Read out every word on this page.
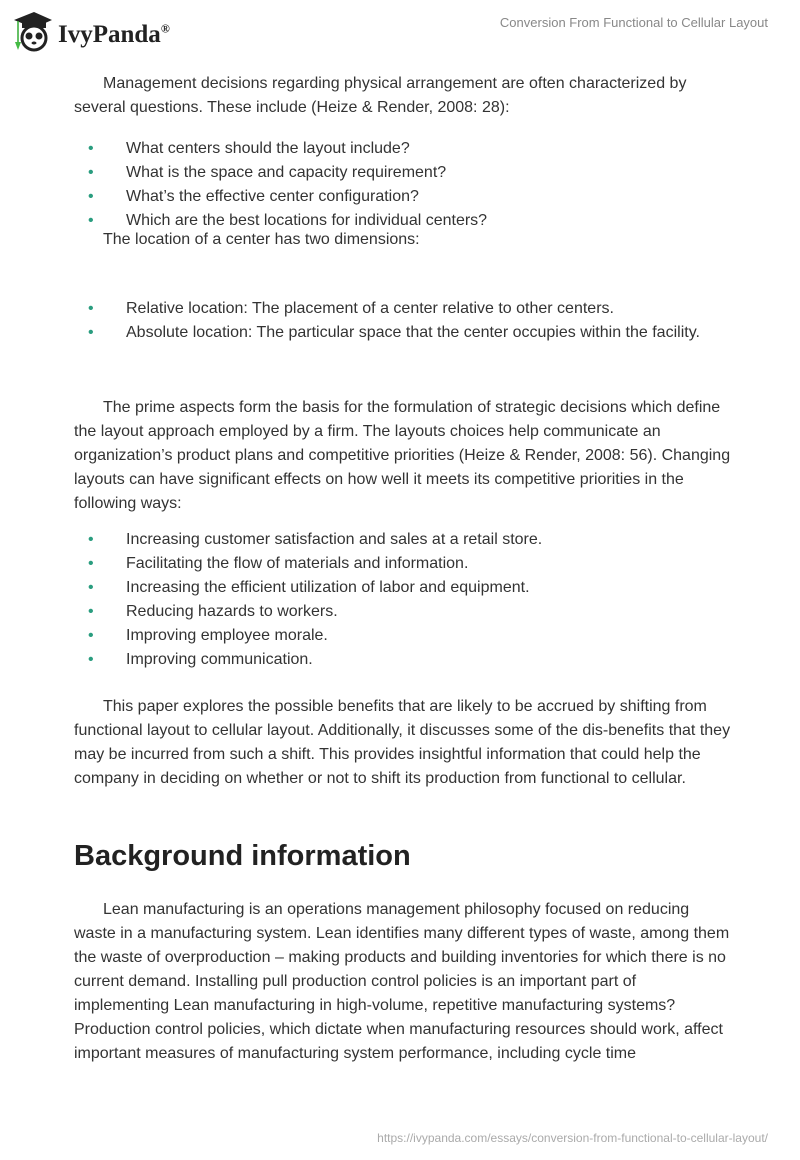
IvyPanda®	Conversion From Functional to Cellular Layout

Management decisions regarding physical arrangement are often characterized by several questions. These include (Heize & Render, 2008: 28):

• What centers should the layout include?
• What is the space and capacity requirement?
• What’s the effective center configuration?
• Which are the best locations for individual centers?

The location of a center has two dimensions:

• Relative location: The placement of a center relative to other centers.
• Absolute location: The particular space that the center occupies within the facility.

The prime aspects form the basis for the formulation of strategic decisions which define the layout approach employed by a firm. The layouts choices help communicate an organization’s product plans and competitive priorities (Heize & Render, 2008: 56). Changing layouts can have significant effects on how well it meets its competitive priorities in the following ways:

• Increasing customer satisfaction and sales at a retail store.
• Facilitating the flow of materials and information.
• Increasing the efficient utilization of labor and equipment.
• Reducing hazards to workers.
• Improving employee morale.
• Improving communication.

This paper explores the possible benefits that are likely to be accrued by shifting from functional layout to cellular layout. Additionally, it discusses some of the dis-benefits that they may be incurred from such a shift. This provides insightful information that could help the company in deciding on whether or not to shift its production from functional to cellular.

Background information

Lean manufacturing is an operations management philosophy focused on reducing waste in a manufacturing system. Lean identifies many different types of waste, among them the waste of overproduction – making products and building inventories for which there is no current demand. Installing pull production control policies is an important part of implementing Lean manufacturing in high-volume, repetitive manufacturing systems? Production control policies, which dictate when manufacturing resources should work, affect important measures of manufacturing system performance, including cycle time

https://ivypanda.com/essays/conversion-from-functional-to-cellular-layout/
